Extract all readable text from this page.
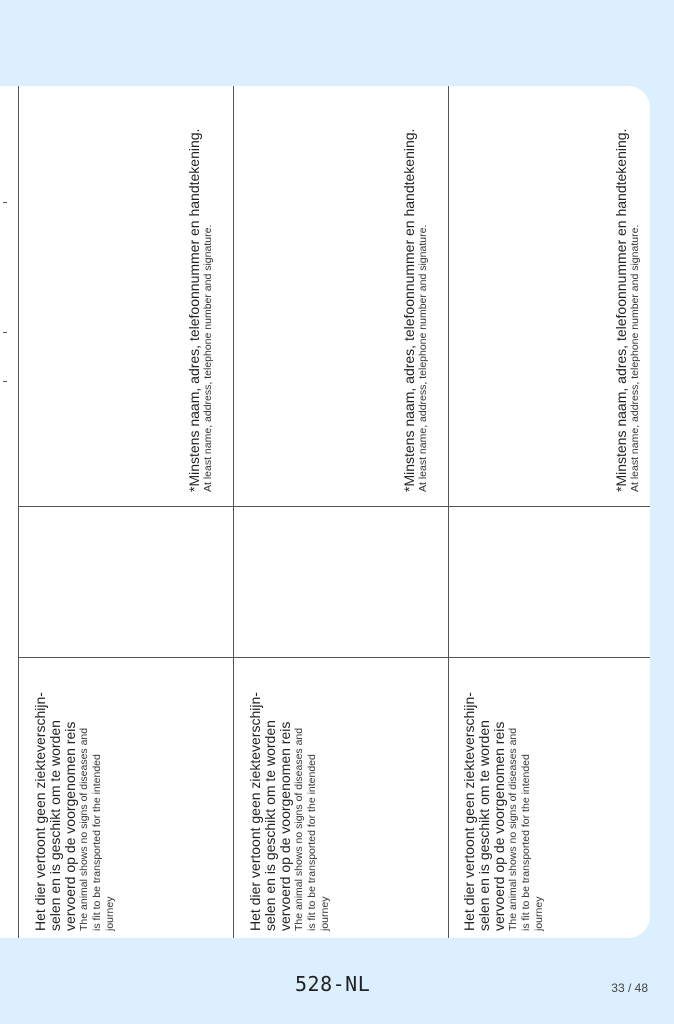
*Minstens naam, adres, telefoonnummer en handtekening. At least name, address, telephone number and signature.
Het dier vertoont geen ziekteverschijn- selen en is geschikt om te worden vervoerd op de voorgenomen reis The animal shows no signs of diseases and is fit to be transported for the intended journey
*Minstens naam, adres, telefoonnummer en handtekening. At least name, address, telephone number and signature.
Het dier vertoont geen ziekteverschijn- selen en is geschikt om te worden vervoerd op de voorgenomen reis The animal shows no signs of diseases and is fit to be transported for the intended journey
*Minstens naam, adres, telefoonnummer en handtekening. At least name, address, telephone number and signature.
Het dier vertoont geen ziekteverschijn- selen en is geschikt om te worden vervoerd op de voorgenomen reis The animal shows no signs of diseases and is fit to be transported for the intended journey
528-NL	33 / 48
